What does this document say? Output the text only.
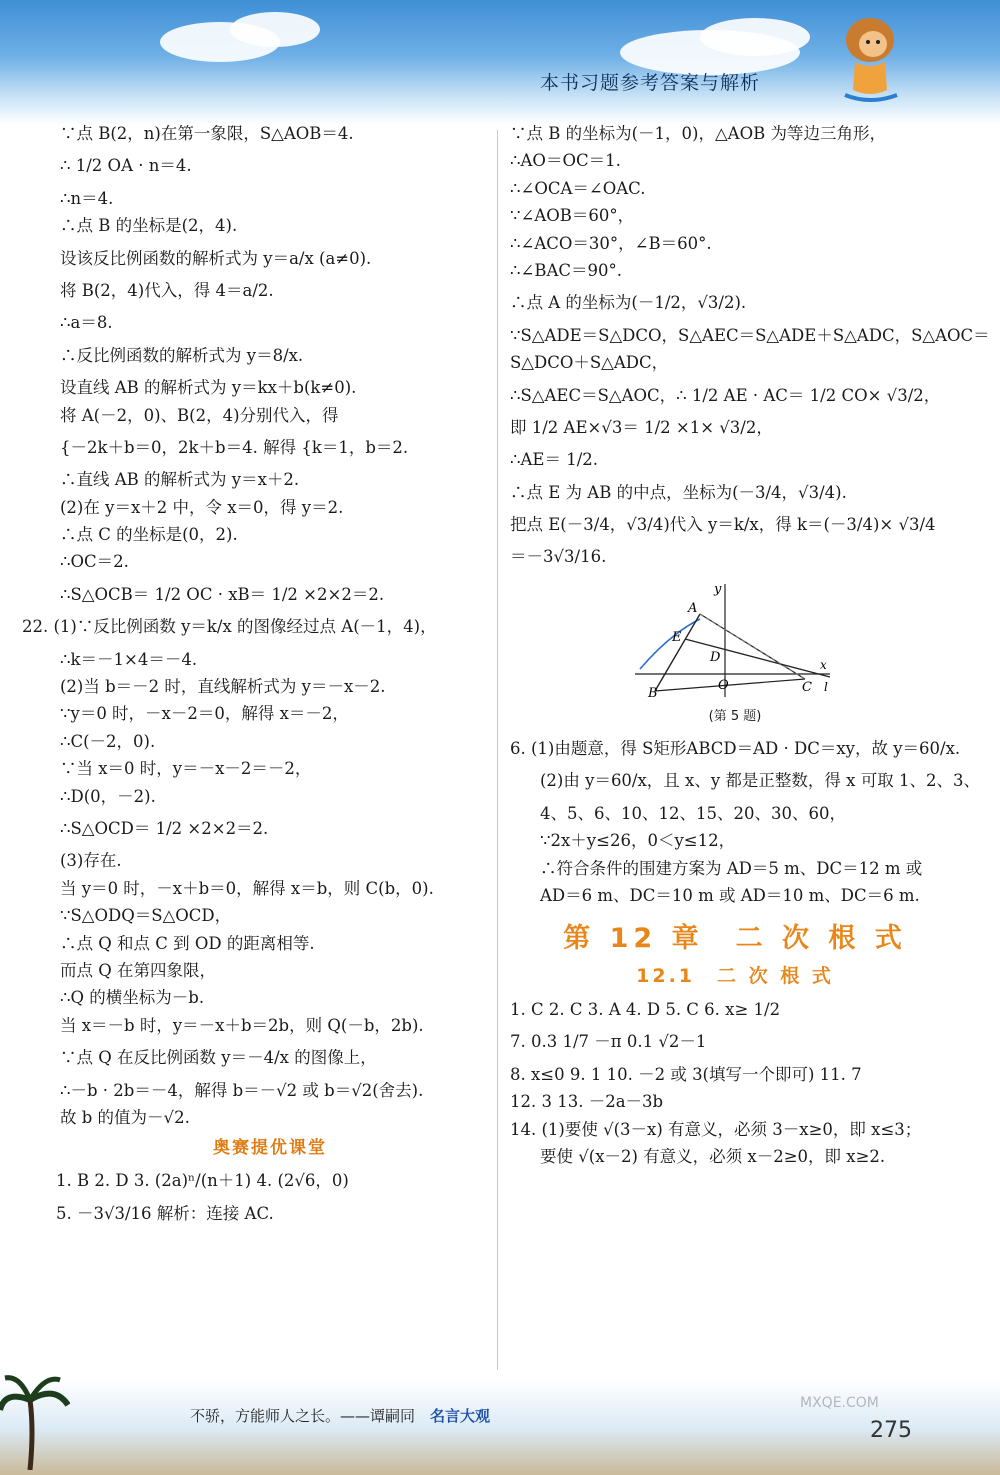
本书习题参考答案与解析
∵点 B(2，n)在第一象限，S△AOB＝4.
∴ 1/2 OA · n＝4.
∴n＝4.
∴点 B 的坐标是(2，4).
设该反比例函数的解析式为 y＝a/x (a≠0).
将 B(2，4)代入，得 4＝a/2.
∴a＝8.
∴反比例函数的解析式为 y＝8/x.
设直线 AB 的解析式为 y＝kx＋b(k≠0).
将 A(－2，0)、B(2，4)分别代入，得
{－2k＋b＝0，2k＋b＝4. 解得 {k＝1，b＝2.
∴直线 AB 的解析式为 y＝x＋2.
(2)在 y＝x＋2 中，令 x＝0，得 y＝2.
∴点 C 的坐标是(0，2).
∴OC＝2.
∴S△OCB＝ 1/2 OC · xB＝ 1/2 ×2×2＝2.
22. (1)∵反比例函数 y＝k/x 的图像经过点 A(－1，4)，
∴k＝－1×4＝－4.
(2)当 b＝－2 时，直线解析式为 y＝－x－2.
∵y＝0 时，－x－2＝0，解得 x＝－2，
∴C(－2，0).
∵当 x＝0 时，y＝－x－2＝－2，
∴D(0，－2).
∴S△OCD＝ 1/2 ×2×2＝2.
(3)存在.
当 y＝0 时，－x＋b＝0，解得 x＝b，则 C(b，0).
∵S△ODQ＝S△OCD，
∴点 Q 和点 C 到 OD 的距离相等.
而点 Q 在第四象限，
∴Q 的横坐标为－b.
当 x＝－b 时，y＝－x＋b＝2b，则 Q(－b，2b).
∵点 Q 在反比例函数 y＝－4/x 的图像上，
∴－b · 2b＝－4，解得 b＝－√2 或 b＝√2(舍去).
故 b 的值为－√2.
奥赛提优课堂
1. B 2. D 3. (2a)ⁿ/(n＋1) 4. (2√6，0)
5. －3√3/16 解析：连接 AC.
∵点 B 的坐标为(－1，0)，△AOB 为等边三角形，
∴AO＝OC＝1.
∴∠OCA＝∠OAC.
∵∠AOB＝60°，
∴∠ACO＝30°，∠B＝60°.
∴∠BAC＝90°.
∴点 A 的坐标为(－1/2，√3/2).
∵S△ADE＝S△DCO，S△AEC＝S△ADE＋S△ADC，S△AOC＝
S△DCO＋S△ADC，
∴S△AEC＝S△AOC，∴ 1/2 AE · AC＝ 1/2 CO× √3/2，
即 1/2 AE×√3＝ 1/2 ×1× √3/2，
∴AE＝ 1/2.
∴点 E 为 AB 的中点，坐标为(－3/4，√3/4).
把点 E(－3/4，√3/4)代入 y＝k/x，得 k＝(－3/4)× √3/4
＝－3√3/16.
y
A
E
D
O
B	C
x
l
(第 5 题)
6. (1)由题意，得 S矩形ABCD＝AD · DC＝xy，故 y＝60/x.
(2)由 y＝60/x，且 x、y 都是正整数，得 x 可取 1、2、3、
4、5、6、10、12、15、20、30、60，
∵2x＋y≤26，0＜y≤12，
∴符合条件的围建方案为 AD＝5 m、DC＝12 m 或
AD＝6 m、DC＝10 m 或 AD＝10 m、DC＝6 m.
第 12 章　二 次 根 式
12.1　二 次 根 式
1. C 2. C 3. A 4. D 5. C 6. x≥ 1/2
7. 0.3 1/7 －π 0.1 √2－1
8. x≤0 9. 1 10. －2 或 3(填写一个即可) 11. 7
12. 3 13. －2a－3b
14. (1)要使 √(3－x) 有意义，必须 3－x≥0，即 x≤3；
要使 √(x－2) 有意义，必须 x－2≥0，即 x≥2.
不骄，方能师人之长。——谭嗣同 名言大观
MXQE.COM
275
